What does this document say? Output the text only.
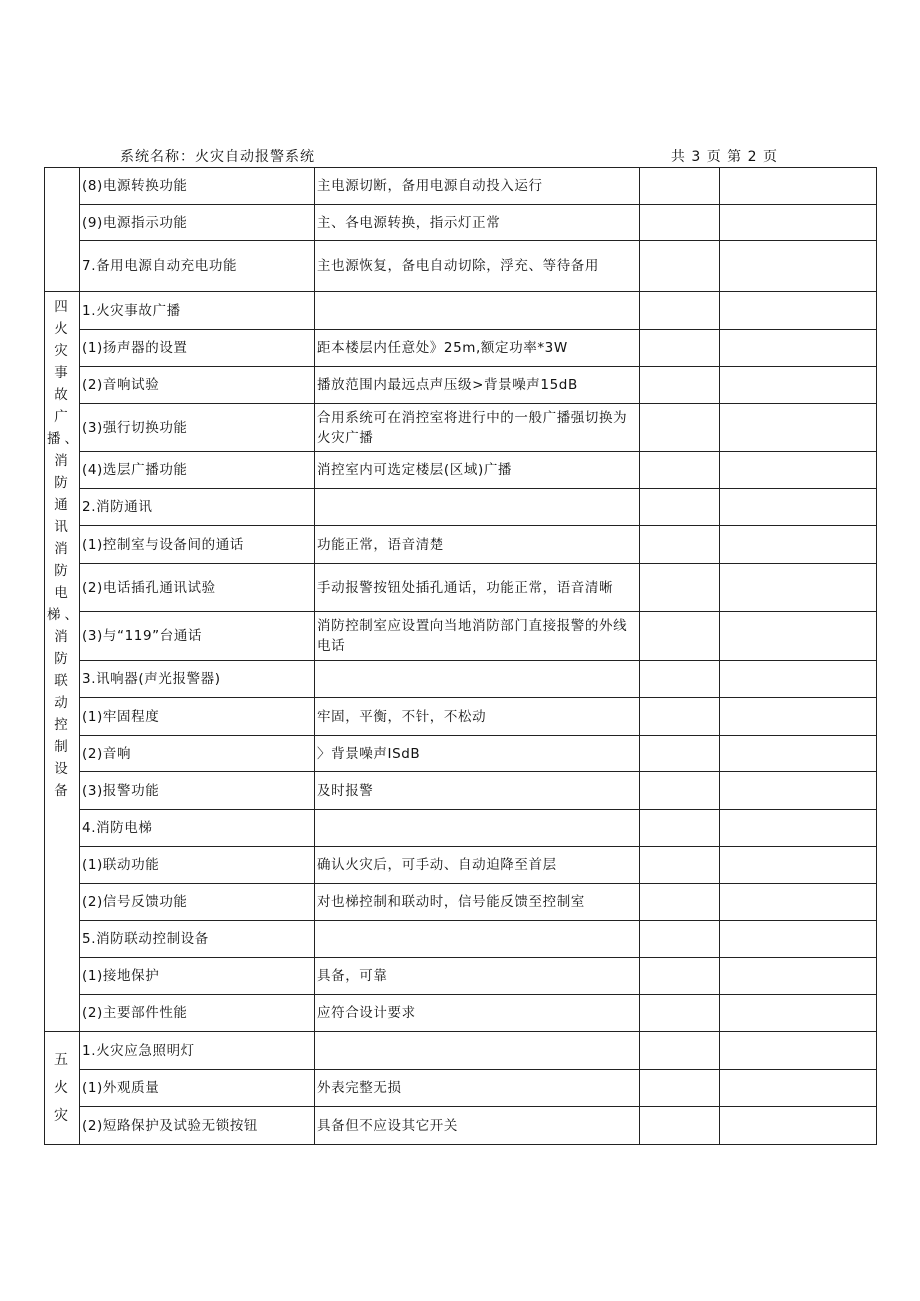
系统名称：火灾自动报警系统	共 3 页 第 2 页
	(8)电源转换功能	主电源切断，备用电源自动投入运行		
	(9)电源指示功能	主、各电源转换，指示灯正常		
	7.备用电源自动充电功能	主也源恢复，备电自动切除，浮充、等待备用		
四火灾事故广播、消防通讯消防电梯、消防联动控制设备	1.火灾事故广播			
	(1)扬声器的设置	距本楼层内任意处》25m,额定功率*3W		
	(2)音响试验	播放范围内最远点声压级>背景噪声15dB		
	(3)强行切换功能	合用系统可在消控室将进行中的一般广播强切换为火灾广播		
	(4)选层广播功能	消控室内可选定楼层(区域)广播		
	2.消防通讯			
	(1)控制室与设备间的通话	功能正常，语音清楚		
	(2)电话插孔通讯试验	手动报警按钮处插孔通话，功能正常，语音清晰		
	(3)与“119”台通话	消防控制室应设置向当地消防部门直接报警的外线电话		
	3.讯响器(声光报警器)			
	(1)牢固程度	牢固，平衡，不针，不松动		
	(2)音响	〉背景噪声ISdB		
	(3)报警功能	及时报警		
	4.消防电梯			
	(1)联动功能	确认火灾后，可手动、自动迫降至首层		
	(2)信号反馈功能	对也梯控制和联动时，信号能反馈至控制室		
	5.消防联动控制设备			
	(1)接地保护	具备，可靠		
	(2)主要部件性能	应符合设计要求		
五火灾	1.火灾应急照明灯			
	(1)外观质量	外表完整无损		
	(2)短路保护及试验无锁按钮	具备但不应设其它开关		
